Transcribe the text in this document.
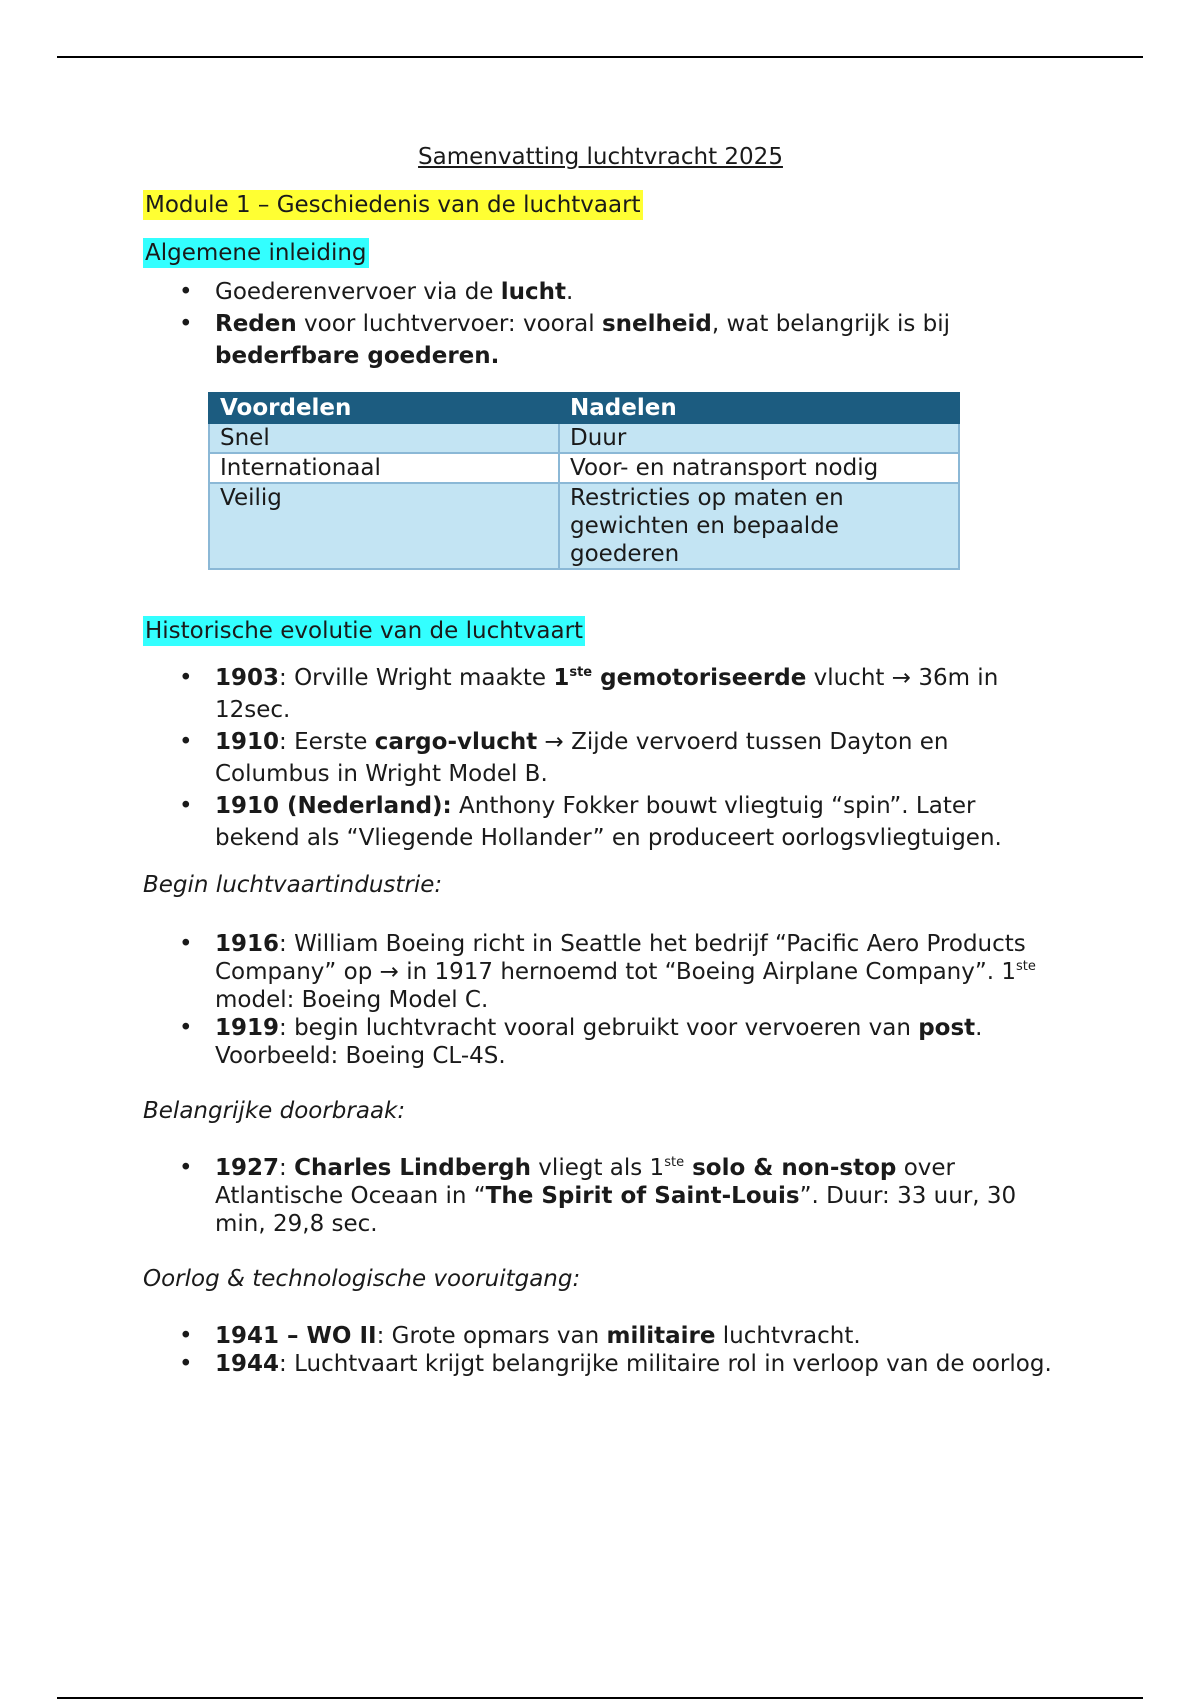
Samenvatting luchtvracht 2025
Module 1 – Geschiedenis van de luchtvaart
Algemene inleiding
• Goederenvervoer via de lucht.
• Reden voor luchtvervoer: vooral snelheid, wat belangrijk is bij bederfbare goederen.
Voordelen	Nadelen
Snel	Duur
Internationaal	Voor- en natransport nodig
Veilig	Restricties op maten en gewichten en bepaalde goederen
Historische evolutie van de luchtvaart
• 1903: Orville Wright maakte 1ste gemotoriseerde vlucht → 36m in 12sec.
• 1910: Eerste cargo-vlucht → Zijde vervoerd tussen Dayton en Columbus in Wright Model B.
• 1910 (Nederland): Anthony Fokker bouwt vliegtuig “spin”. Later bekend als “Vliegende Hollander” en produceert oorlogsvliegtuigen.

Begin luchtvaartindustrie:

• 1916: William Boeing richt in Seattle het bedrijf “Pacific Aero Products Company” op → in 1917 hernoemd tot “Boeing Airplane Company”. 1ste model: Boeing Model C.
• 1919: begin luchtvracht vooral gebruikt voor vervoeren van post. Voorbeeld: Boeing CL-4S.

Belangrijke doorbraak:

• 1927: Charles Lindbergh vliegt als 1ste solo & non-stop over Atlantische Oceaan in “The Spirit of Saint-Louis”. Duur: 33 uur, 30 min, 29,8 sec.

Oorlog & technologische vooruitgang:

• 1941 – WO II: Grote opmars van militaire luchtvracht.
• 1944: Luchtvaart krijgt belangrijke militaire rol in verloop van de oorlog.
